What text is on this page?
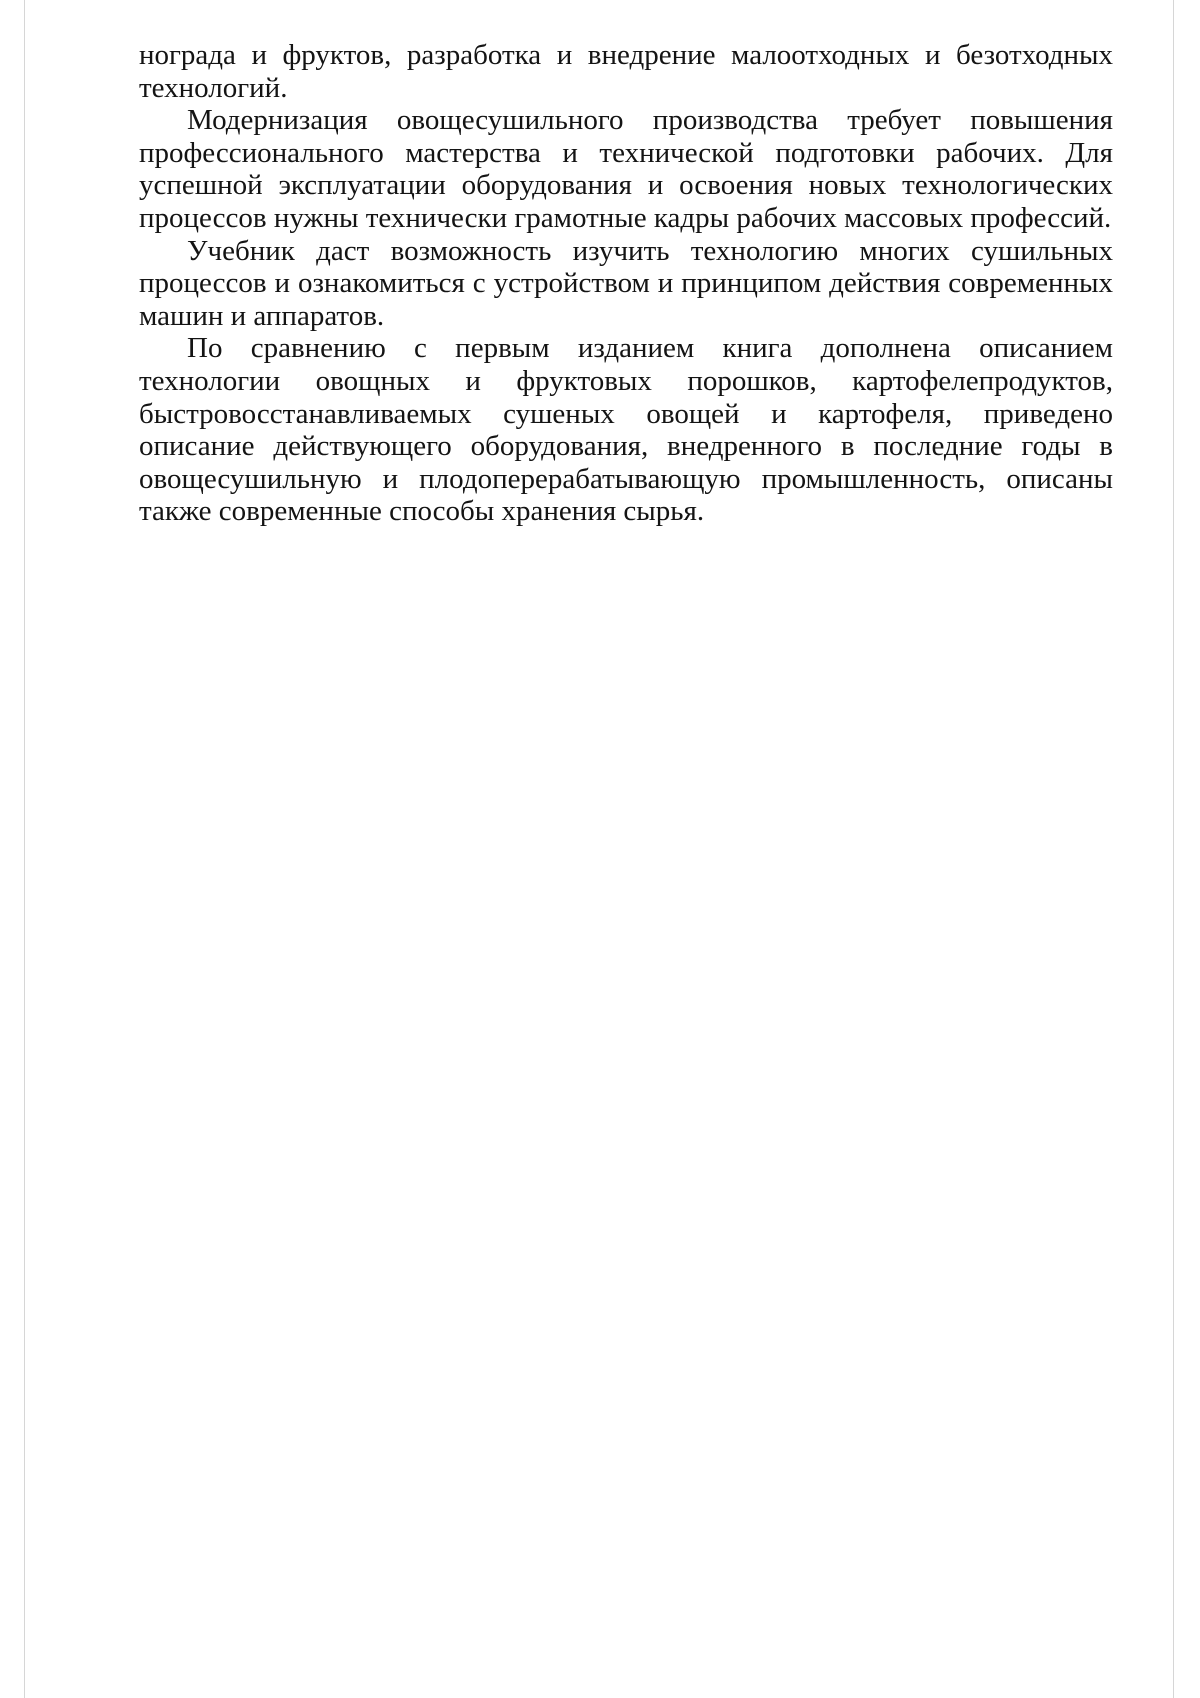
нограда и фруктов, разработка и внедрение малоотходных и безотходных технологий.

Модернизация овощесушильного производства требует повышения профессионального мастерства и технической подготовки рабочих. Для успешной эксплуатации оборудования и освоения новых технологических процессов нужны технически грамотные кадры рабочих массовых профессий.

Учебник даст возможность изучить технологию многих сушильных процессов и ознакомиться с устройством и принципом действия современных машин и аппаратов.

По сравнению с первым изданием книга дополнена описанием технологии овощных и фруктовых порошков, картофелепродуктов, быстровосстанавливаемых сушеных овощей и картофеля, приведено описание действующего оборудования, внедренного в последние годы в овощесушильную и плодоперерабатывающую промышленность, описаны также современные способы хранения сырья.
